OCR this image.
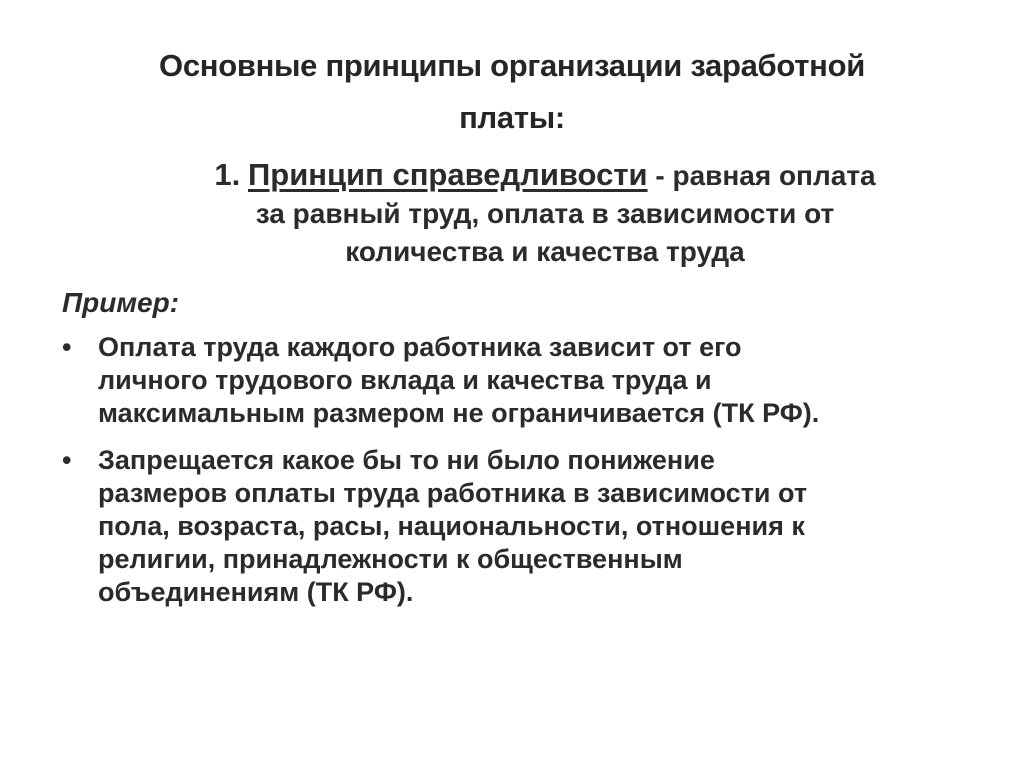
Основные принципы организации заработной
платы:
1. Принцип справедливости - равная оплата
за равный труд, оплата в зависимости от
количества и качества труда
Пример:
• Оплата труда каждого работника зависит от его
личного трудового вклада и качества труда и
максимальным размером не ограничивается (ТК РФ).
• Запрещается какое бы то ни было понижение
размеров оплаты труда работника в зависимости от
пола, возраста, расы, национальности, отношения к
религии, принадлежности к общественным
объединениям (ТК РФ).
